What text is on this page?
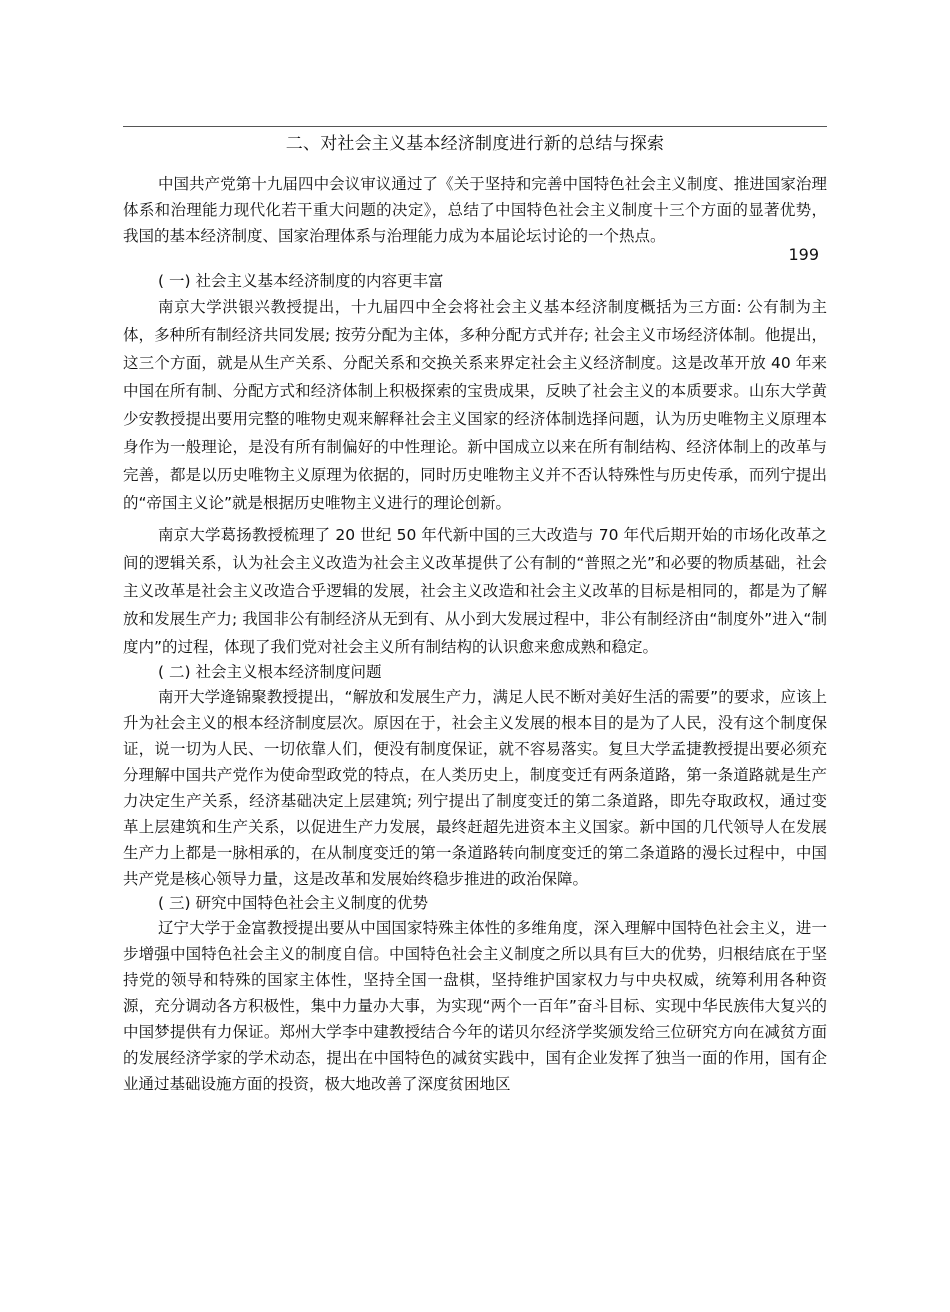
二、对社会主义基本经济制度进行新的总结与探索

中国共产党第十九届四中会议审议通过了《关于坚持和完善中国特色社会主义制度、推进国家治理体系和治理能力现代化若干重大问题的决定》，总结了中国特色社会主义制度十三个方面的显著优势，我国的基本经济制度、国家治理体系与治理能力成为本届论坛讨论的一个热点。

199

( 一) 社会主义基本经济制度的内容更丰富

南京大学洪银兴教授提出，十九届四中全会将社会主义基本经济制度概括为三方面: 公有制为主体，多种所有制经济共同发展; 按劳分配为主体，多种分配方式并存; 社会主义市场经济体制。他提出，这三个方面，就是从生产关系、分配关系和交换关系来界定社会主义经济制度。这是改革开放 40 年来中国在所有制、分配方式和经济体制上积极探索的宝贵成果，反映了社会主义的本质要求。山东大学黄少安教授提出要用完整的唯物史观来解释社会主义国家的经济体制选择问题，认为历史唯物主义原理本身作为一般理论，是没有所有制偏好的中性理论。新中国成立以来在所有制结构、经济体制上的改革与完善，都是以历史唯物主义原理为依据的，同时历史唯物主义并不否认特殊性与历史传承，而列宁提出的“帝国主义论”就是根据历史唯物主义进行的理论创新。

南京大学葛扬教授梳理了 20 世纪 50 年代新中国的三大改造与 70 年代后期开始的市场化改革之间的逻辑关系，认为社会主义改造为社会主义改革提供了公有制的“普照之光”和必要的物质基础，社会主义改革是社会主义改造合乎逻辑的发展，社会主义改造和社会主义改革的目标是相同的，都是为了解放和发展生产力; 我国非公有制经济从无到有、从小到大发展过程中，非公有制经济由“制度外”进入“制度内”的过程，体现了我们党对社会主义所有制结构的认识愈来愈成熟和稳定。

( 二) 社会主义根本经济制度问题

南开大学逄锦聚教授提出，“解放和发展生产力，满足人民不断对美好生活的需要”的要求，应该上升为社会主义的根本经济制度层次。原因在于，社会主义发展的根本目的是为了人民，没有这个制度保证，说一切为人民、一切依靠人们，便没有制度保证，就不容易落实。复旦大学孟捷教授提出要必须充分理解中国共产党作为使命型政党的特点，在人类历史上，制度变迁有两条道路，第一条道路就是生产力决定生产关系，经济基础决定上层建筑; 列宁提出了制度变迁的第二条道路，即先夺取政权，通过变革上层建筑和生产关系，以促进生产力发展，最终赶超先进资本主义国家。新中国的几代领导人在发展生产力上都是一脉相承的，在从制度变迁的第一条道路转向制度变迁的第二条道路的漫长过程中，中国共产党是核心领导力量，这是改革和发展始终稳步推进的政治保障。

( 三) 研究中国特色社会主义制度的优势

辽宁大学于金富教授提出要从中国国家特殊主体性的多维角度，深入理解中国特色社会主义，进一步增强中国特色社会主义的制度自信。中国特色社会主义制度之所以具有巨大的优势，归根结底在于坚持党的领导和特殊的国家主体性，坚持全国一盘棋，坚持维护国家权力与中央权威，统筹利用各种资源，充分调动各方积极性，集中力量办大事，为实现“两个一百年”奋斗目标、实现中华民族伟大复兴的中国梦提供有力保证。郑州大学李中建教授结合今年的诺贝尔经济学奖颁发给三位研究方向在减贫方面的发展经济学家的学术动态，提出在中国特色的减贫实践中，国有企业发挥了独当一面的作用，国有企业通过基础设施方面的投资，极大地改善了深度贫困地区
